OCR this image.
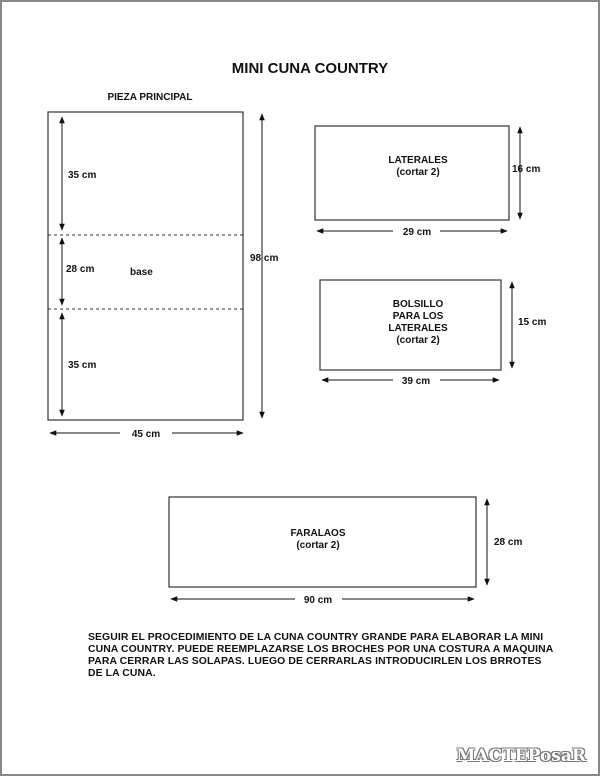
MINI CUNA COUNTRY
PIEZA PRINCIPAL
35 cm
28 cm	base
35 cm
98 cm
45 cm
LATERALES
(cortar 2)	16 cm
29 cm
BOLSILLO
PARA LOS
LATERALES
(cortar 2)
15 cm
39 cm
FARALAOS
(cortar 2)	28 cm
90 cm

SEGUIR EL PROCEDIMIENTO DE LA CUNA COUNTRY GRANDE PARA ELABORAR LA MINI CUNA COUNTRY. PUEDE REEMPLAZARSE LOS BROCHES POR UNA COSTURA A MAQUINA PARA CERRAR LAS SOLAPAS. LUEGO DE CERRARLAS INTRODUCIRLEN LOS BRROTES DE LA CUNA.

MACTEPosaR
